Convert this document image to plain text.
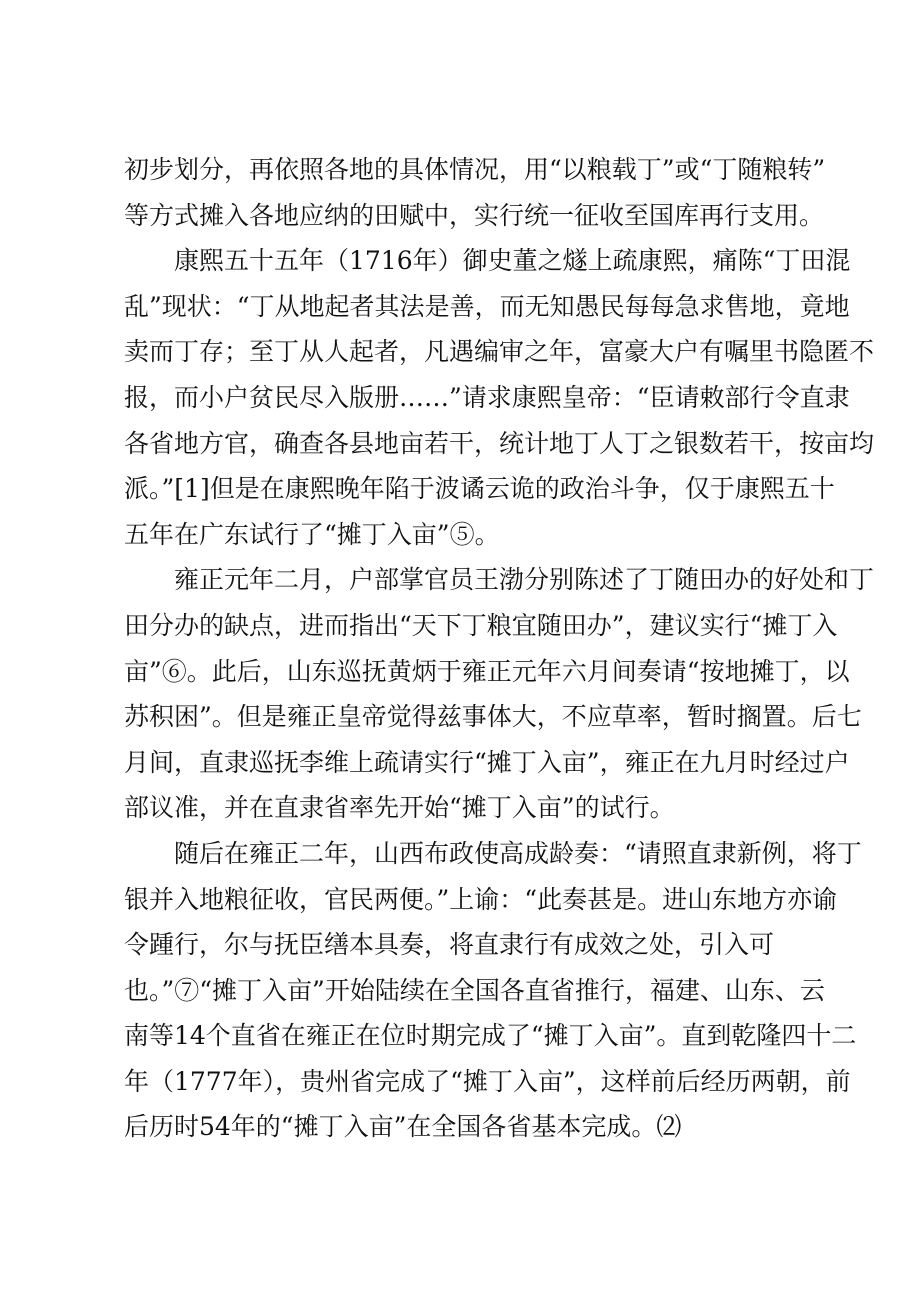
初步划分，再依照各地的具体情况，用“以粮载丁”或“丁随粮转”
等方式摊入各地应纳的田赋中，实行统一征收至国库再行支用。
康熙五十五年（1716年）御史董之燧上疏康熙，痛陈“丁田混
乱”现状：“丁从地起者其法是善，而无知愚民每每急求售地，竟地
卖而丁存；至丁从人起者，凡遇编审之年，富豪大户有嘱里书隐匿不
报，而小户贫民尽入版册……”请求康熙皇帝：“臣请敕部行令直隶
各省地方官，确查各县地亩若干，统计地丁人丁之银数若干，按亩均
派。”[1]但是在康熙晚年陷于波谲云诡的政治斗争，仅于康熙五十
五年在广东试行了“摊丁入亩”⑤。
雍正元年二月，户部掌官员王渤分别陈述了丁随田办的好处和丁
田分办的缺点，进而指出“天下丁粮宜随田办”，建议实行“摊丁入
亩”⑥。此后，山东巡抚黄炳于雍正元年六月间奏请“按地摊丁，以
苏积困”。但是雍正皇帝觉得兹事体大，不应草率，暂时搁置。后七
月间，直隶巡抚李维上疏请实行“摊丁入亩”，雍正在九月时经过户
部议准，并在直隶省率先开始“摊丁入亩”的试行。
随后在雍正二年，山西布政使高成龄奏：“请照直隶新例，将丁
银并入地粮征收，官民两便。”上谕：“此奏甚是。进山东地方亦谕
令踵行，尔与抚臣缮本具奏，将直隶行有成效之处，引入可
也。”⑦“摊丁入亩”开始陆续在全国各直省推行，福建、山东、云
南等14个直省在雍正在位时期完成了“摊丁入亩”。直到乾隆四十二
年（1777年），贵州省完成了“摊丁入亩”，这样前后经历两朝，前
后历时54年的“摊丁入亩”在全国各省基本完成。⑵
